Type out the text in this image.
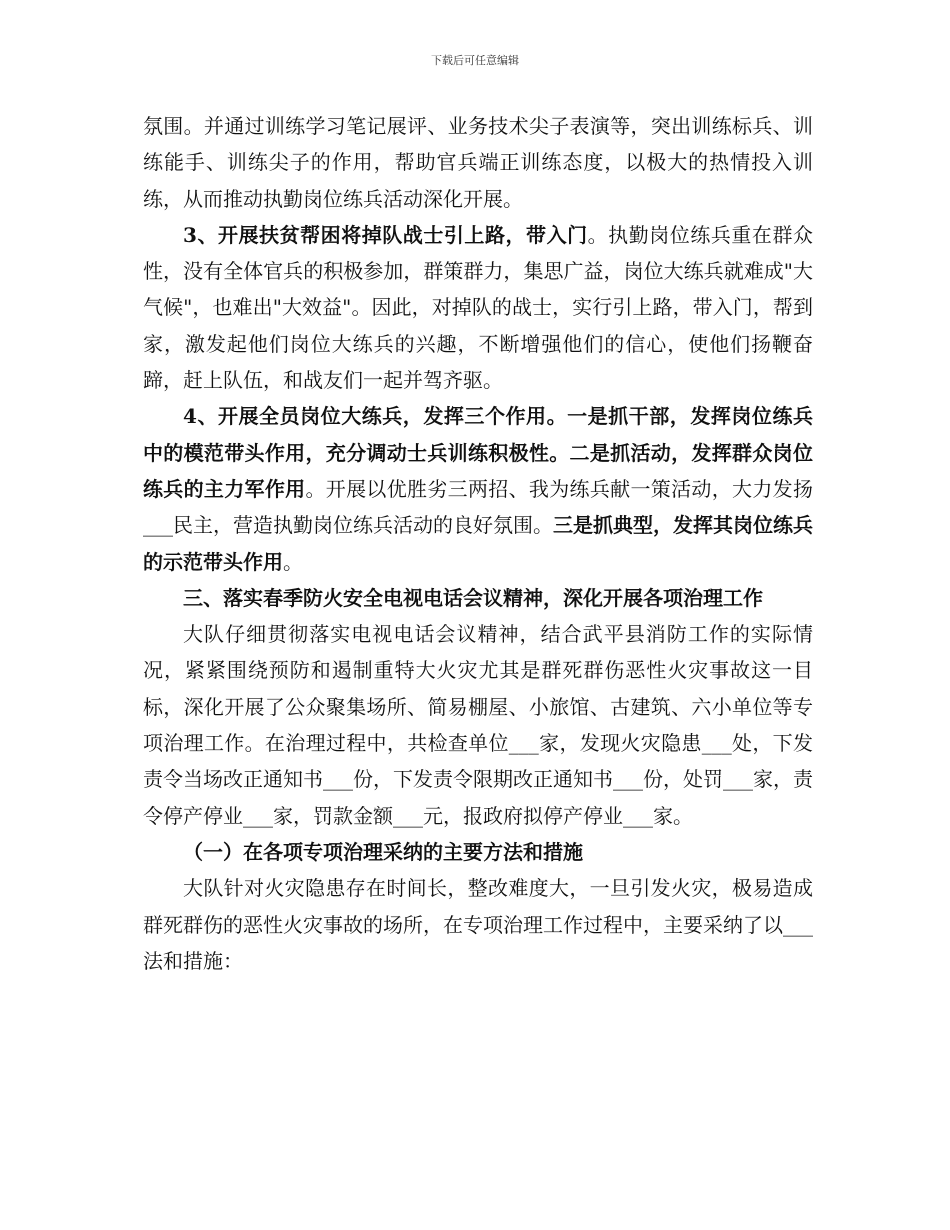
下载后可任意编辑

氛围。并通过训练学习笔记展评、业务技术尖子表演等，突出训练标兵、训练能手、训练尖子的作用，帮助官兵端正训练态度，以极大的热情投入训练，从而推动执勤岗位练兵活动深化开展。

3、开展扶贫帮困将掉队战士引上路，带入门。执勤岗位练兵重在群众性，没有全体官兵的积极参加，群策群力，集思广益，岗位大练兵就难成"大气候"，也难出"大效益"。因此，对掉队的战士，实行引上路，带入门，帮到家，激发起他们岗位大练兵的兴趣，不断增强他们的信心，使他们扬鞭奋蹄，赶上队伍，和战友们一起并驾齐驱。

4、开展全员岗位大练兵，发挥三个作用。一是抓干部，发挥岗位练兵中的模范带头作用，充分调动士兵训练积极性。二是抓活动，发挥群众岗位练兵的主力军作用。开展以优胜劣三两招、我为练兵献一策活动，大力发扬___民主，营造执勤岗位练兵活动的良好氛围。三是抓典型，发挥其岗位练兵的示范带头作用。

三、落实春季防火安全电视电话会议精神，深化开展各项治理工作

大队仔细贯彻落实电视电话会议精神，结合武平县消防工作的实际情况，紧紧围绕预防和遏制重特大火灾尤其是群死群伤恶性火灾事故这一目标，深化开展了公众聚集场所、简易棚屋、小旅馆、古建筑、六小单位等专项治理工作。在治理过程中，共检查单位___家，发现火灾隐患___处，下发责令当场改正通知书___份，下发责令限期改正通知书___份，处罚___家，责令停产停业___家，罚款金额___元，报政府拟停产停业___家。

（一）在各项专项治理采纳的主要方法和措施

大队针对火灾隐患存在时间长，整改难度大，一旦引发火灾，极易造成群死群伤的恶性火灾事故的场所，在专项治理工作过程中，主要采纳了以___法和措施：
